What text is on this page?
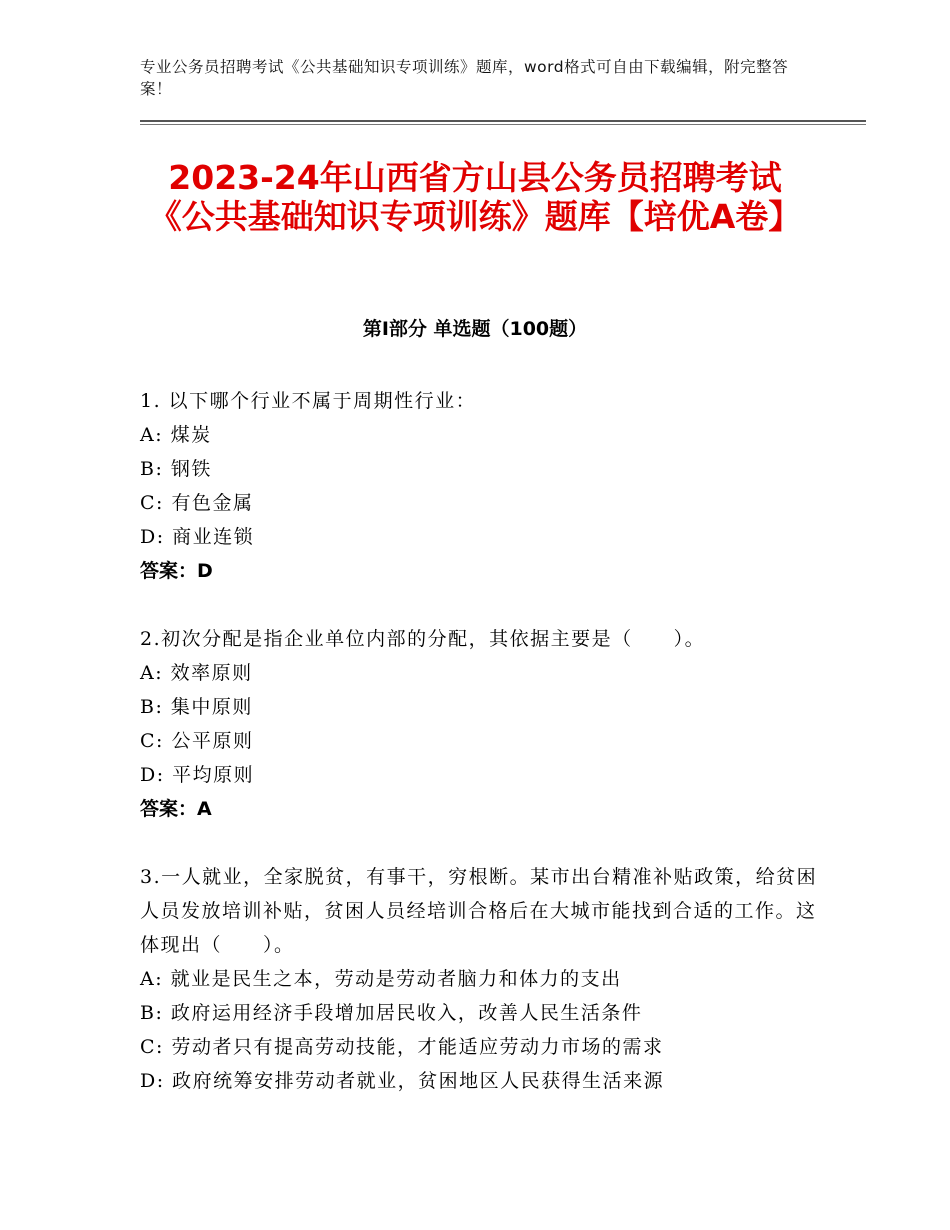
专业公务员招聘考试《公共基础知识专项训练》题库，word格式可自由下载编辑，附完整答案！
2023-24年山西省方山县公务员招聘考试《公共基础知识专项训练》题库【培优A卷】
第Ⅰ部分 单选题（100题）
1. 以下哪个行业不属于周期性行业：
A: 煤炭
B: 钢铁
C: 有色金属
D: 商业连锁
答案：D
2.初次分配是指企业单位内部的分配，其依据主要是（　　）。
A: 效率原则
B: 集中原则
C: 公平原则
D: 平均原则
答案：A
3.一人就业，全家脱贫，有事干，穷根断。某市出台精准补贴政策，给贫困人员发放培训补贴，贫困人员经培训合格后在大城市能找到合适的工作。这体现出（　　）。
A: 就业是民生之本，劳动是劳动者脑力和体力的支出
B: 政府运用经济手段增加居民收入，改善人民生活条件
C: 劳动者只有提高劳动技能，才能适应劳动力市场的需求
D: 政府统筹安排劳动者就业，贫困地区人民获得生活来源
